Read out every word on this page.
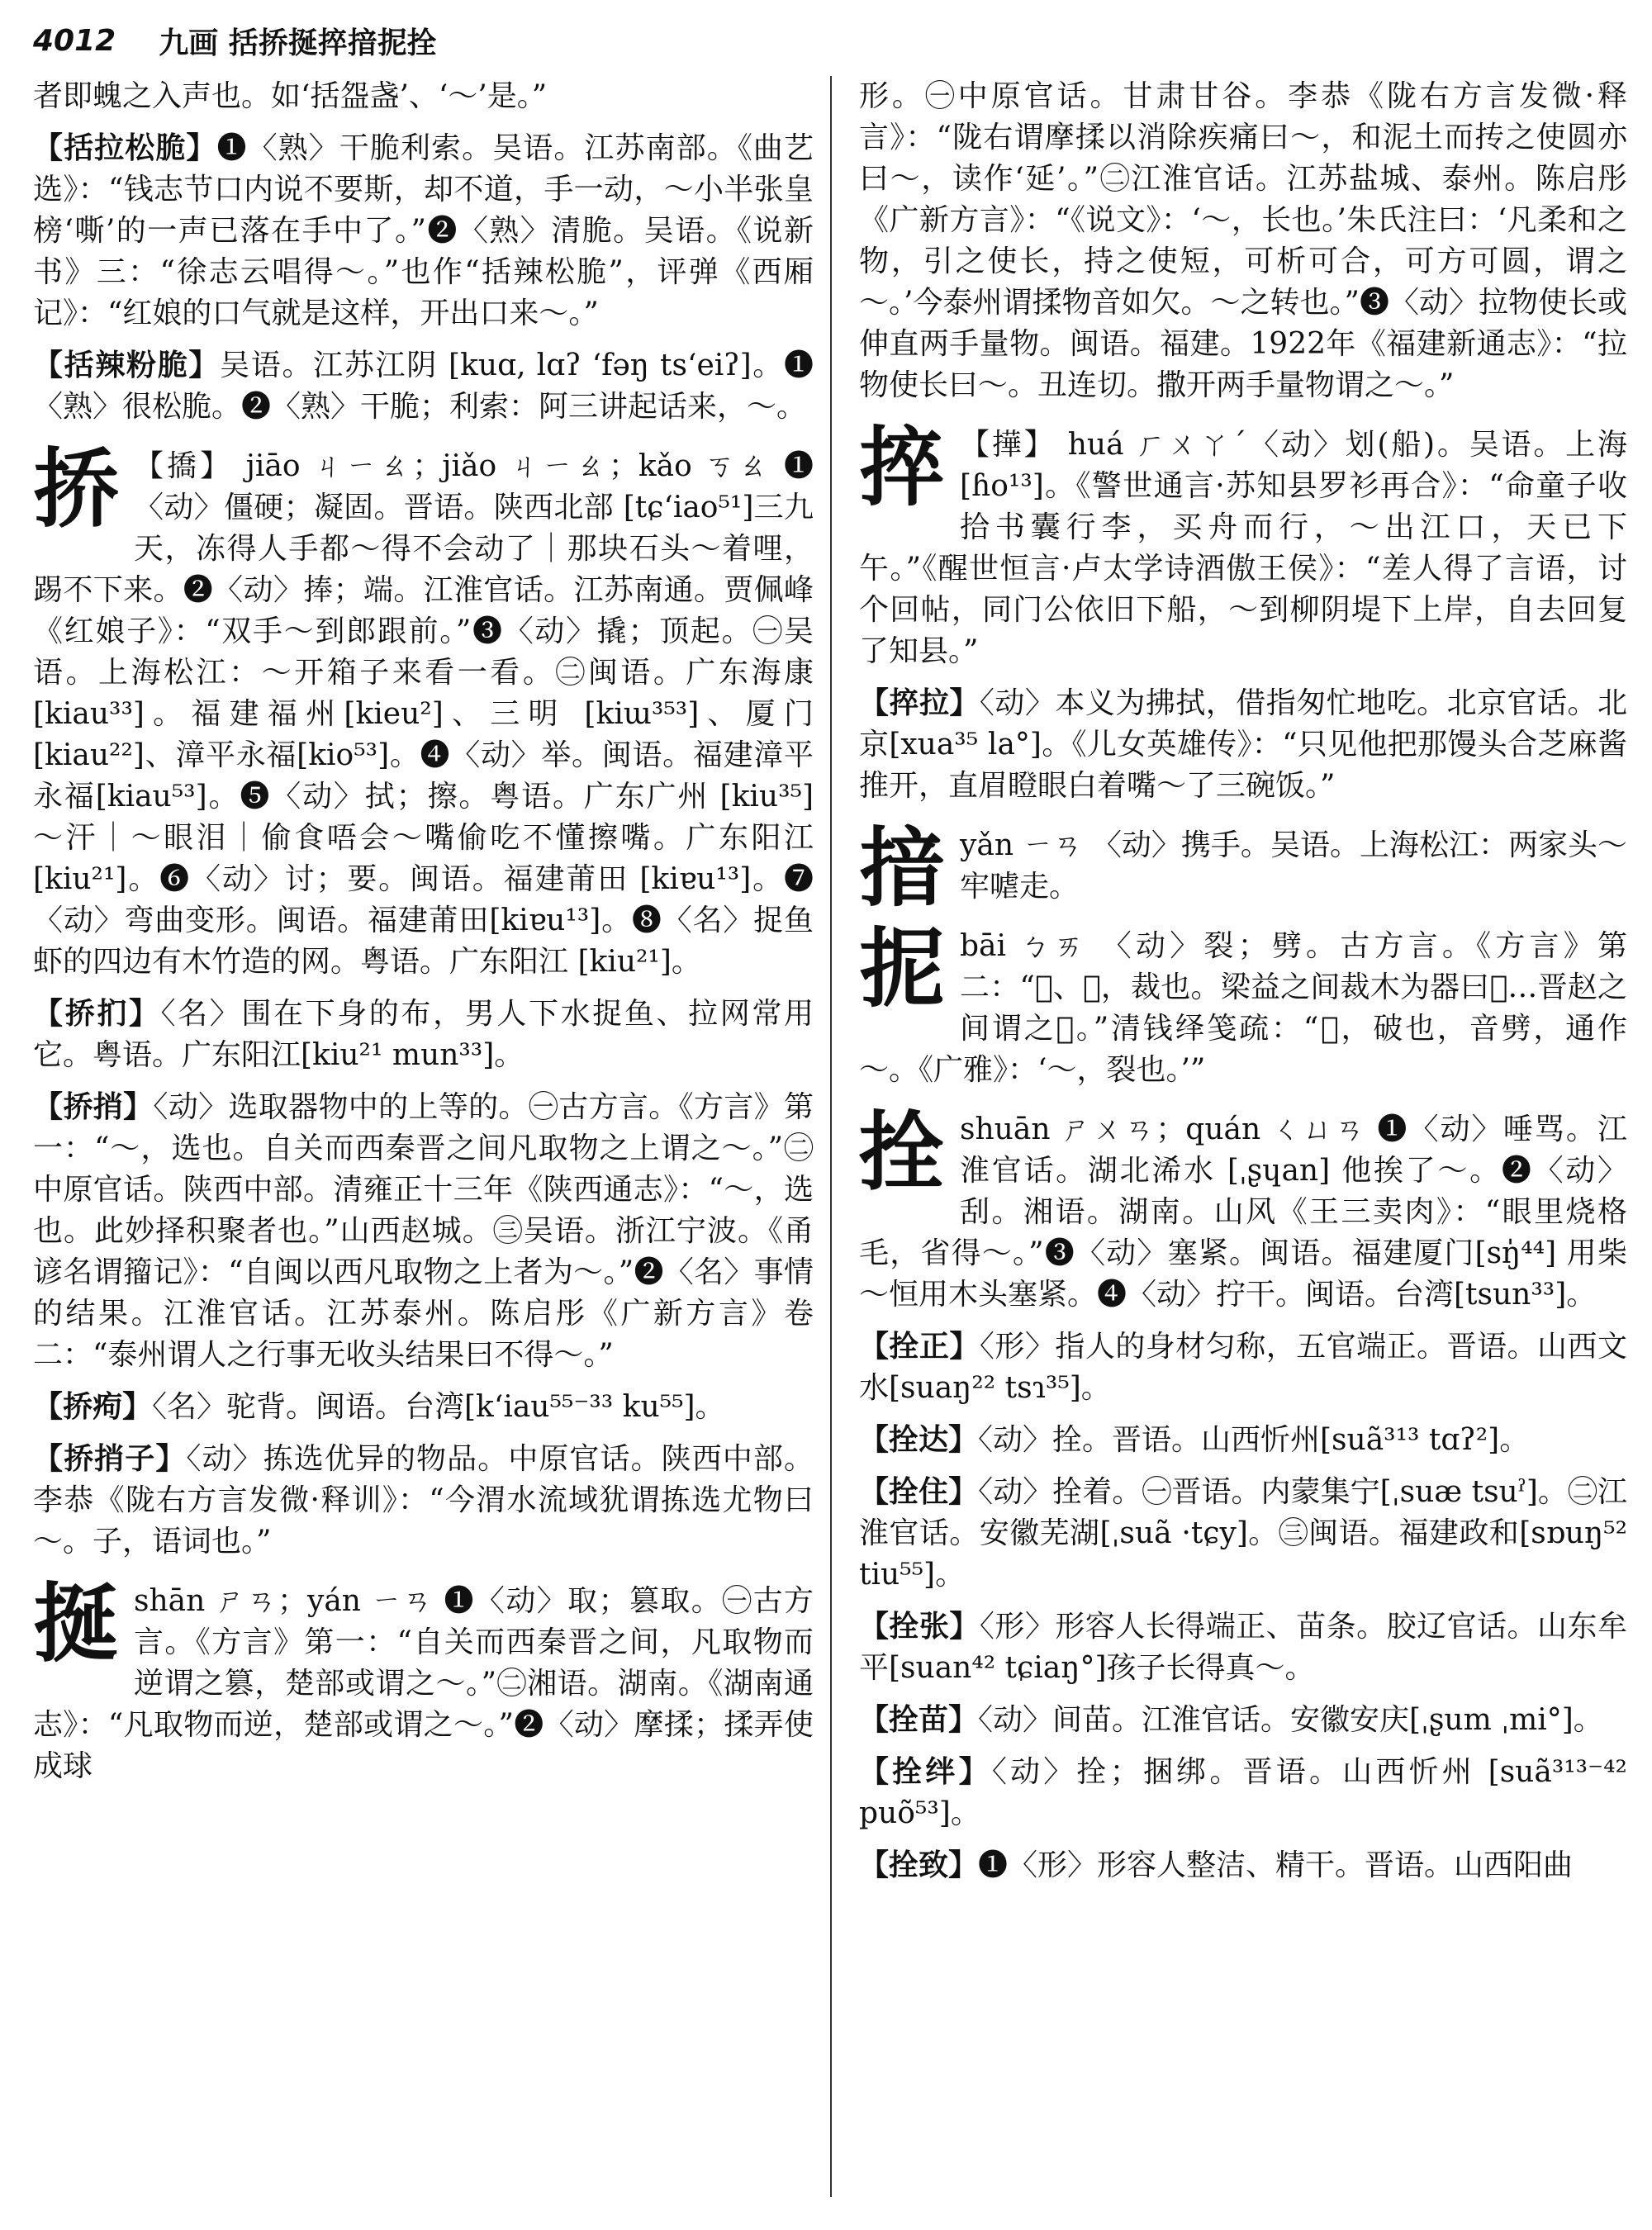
4012 九画 括挢挻捽揞抳拴

者即螝之入声也。如‘括盌盏’、‘～’是。”

【括拉松脆】❶〈熟〉干脆利索。吴语。江苏南部。《曲艺选》：“钱志节口内说不要斯，却不道，手一动，～小半张皇榜‘嘶’的一声已落在手中了。”❷〈熟〉清脆。吴语。《说新书》三：“徐志云唱得～。”也作“括辣松脆”，评弹《西厢记》：“红娘的口气就是这样，开出口来～。”

【括辣粉脆】吴语。江苏江阴 [kuɑ, lɑʔ ʻfəŋ tsʻeiʔ]。❶〈熟〉很松脆。❷〈熟〉干脆；利索：阿三讲起话来，～。

挢 【撟】 jiāo ㄐㄧㄠ；jiǎo ㄐㄧㄠ；kǎo ㄎㄠ ❶〈动〉僵硬；凝固。晋语。陕西北部 [tɕʻiao⁵¹]三九天，冻得人手都～得不会动了｜那块石头～着哩，踢不下来。❷〈动〉捧；端。江淮官话。江苏南通。贾佩峰《红娘子》：“双手～到郎跟前。”❸〈动〉撬；顶起。㊀吴语。上海松江：～开箱子来看一看。㊁闽语。广东海康 [kiau³³]。福建福州[kieu²]、三明 [kiɯ³⁵³]、厦门 [kiau²²]、漳平永福[kio⁵³]。❹〈动〉举。闽语。福建漳平永福[kiau⁵³]。❺〈动〉拭；擦。粤语。广东广州 [kiu³⁵] ～汗｜～眼泪｜偷食唔会～嘴偷吃不懂擦嘴。广东阳江 [kiu²¹]。❻〈动〉讨；要。闽语。福建莆田 [kiɐu¹³]。❼〈动〉弯曲变形。闽语。福建莆田[kiɐu¹³]。❽〈名〉捉鱼虾的四边有木竹造的网。粤语。广东阳江 [kiu²¹]。

【挢扪】〈名〉围在下身的布，男人下水捉鱼、拉网常用它。粤语。广东阳江[kiu²¹ mun³³]。

【挢捎】〈动〉选取器物中的上等的。㊀古方言。《方言》第一：“～，选也。自关而西秦晋之间凡取物之上谓之～。”㊁中原官话。陕西中部。清雍正十三年《陕西通志》：“～，选也。此妙择积聚者也。”山西赵城。㊂吴语。浙江宁波。《甬谚名谓籀记》：“自闽以西凡取物之上者为～。”❷〈名〉事情的结果。江淮官话。江苏泰州。陈启彤《广新方言》卷二：“泰州谓人之行事无收头结果曰不得～。”

【挢痀】〈名〉驼背。闽语。台湾[kʻiau⁵⁵⁻³³ ku⁵⁵]。

【挢捎子】〈动〉拣选优异的物品。中原官话。陕西中部。李恭《陇右方言发微·释训》：“今渭水流域犹谓拣选尤物曰～。子，语词也。”

挻shān ㄕㄢ；yán ㄧㄢ ❶〈动〉取；篡取。㊀古方言。《方言》第一：“自关而西秦晋之间，凡取物而逆谓之篡，楚部或谓之～。”㊁湘语。湖南。《湖南通志》：“凡取物而逆，楚部或谓之～。”❷〈动〉摩揉；揉弄使成球

形。㊀中原官话。甘肃甘谷。李恭《陇右方言发微·释言》：“陇右谓摩揉以消除疾痛曰～，和泥土而抟之使圆亦曰～，读作‘延’。”㊁江淮官话。江苏盐城、泰州。陈启彤《广新方言》：“《说文》：‘～，长也。’朱氏注曰：‘凡柔和之物，引之使长，持之使短，可析可合，可方可圆，谓之～。’今泰州谓揉物音如欠。～之转也。”❸〈动〉拉物使长或伸直两手量物。闽语。福建。1922年《福建新通志》：“拉物使长曰～。丑连切。撒开两手量物谓之～。”

捽 【撶】 huá ㄏㄨㄚˊ〈动〉划(船)。吴语。上海[ɦo¹³]。《警世通言·苏知县罗衫再合》：“命童子收拾书囊行李，买舟而行，～出江口，天已下午。”《醒世恒言·卢太学诗酒傲王侯》：“差人得了言语，讨个回帖，同门公依旧下船，～到柳阴堤下上岸，自去回复了知县。”

【捽拉】〈动〉本义为拂拭，借指匆忙地吃。北京官话。北京[xua³⁵ la°]。《儿女英雄传》：“只见他把那馒头合芝麻酱推开，直眉瞪眼白着嘴～了三碗饭。”

揞yǎn ㄧㄢ 〈动〉携手。吴语。上海松江：两家头～牢㖸走。

抳bāi ㄅㄞ 〈动〉裂；劈。古方言。《方言》第二：“𧴿、𢬆，裁也。梁益之间裁木为器曰𧴿…晋赵之间谓之𧴿。”清钱绎笺疏：“𧴿，破也，音劈，通作～。《广雅》：‘～，裂也。’”

拴shuān ㄕㄨㄢ；quán ㄑㄩㄢ ❶〈动〉唾骂。江淮官话。湖北浠水 [ˌʂɥan] 他挨了～。❷〈动〉刮。湘语。湖南。山风《王三卖肉》：“眼里烧格毛，省得～。”❸〈动〉塞紧。闽语。福建厦门[sŋ̍⁴⁴] 用柴～恒用木头塞紧。❹〈动〉拧干。闽语。台湾[tsun³³]。

【拴正】〈形〉指人的身材匀称，五官端正。晋语。山西文水[suaŋ²² tsɿ³⁵]。

【拴达】〈动〉拴。晋语。山西忻州[suã³¹³ tɑʔ²]。

【拴住】〈动〉拴着。㊀晋语。内蒙集宁[ˌsuæ tsuˀ]。㊁江淮官话。安徽芜湖[ˌsuã ·tɕy]。㊂闽语。福建政和[sɒuŋ⁵² tiu⁵⁵]。

【拴张】〈形〉形容人长得端正、苗条。胶辽官话。山东牟平[suan⁴² tɕiaŋ°]孩子长得真～。

【拴苗】〈动〉间苗。江淮官话。安徽安庆[ˌʂum ˌmi°]。

【拴绊】〈动〉拴；捆绑。晋语。山西忻州 [suã³¹³⁻⁴² puõ⁵³]。

【拴致】❶〈形〉形容人整洁、精干。晋语。山西阳曲
